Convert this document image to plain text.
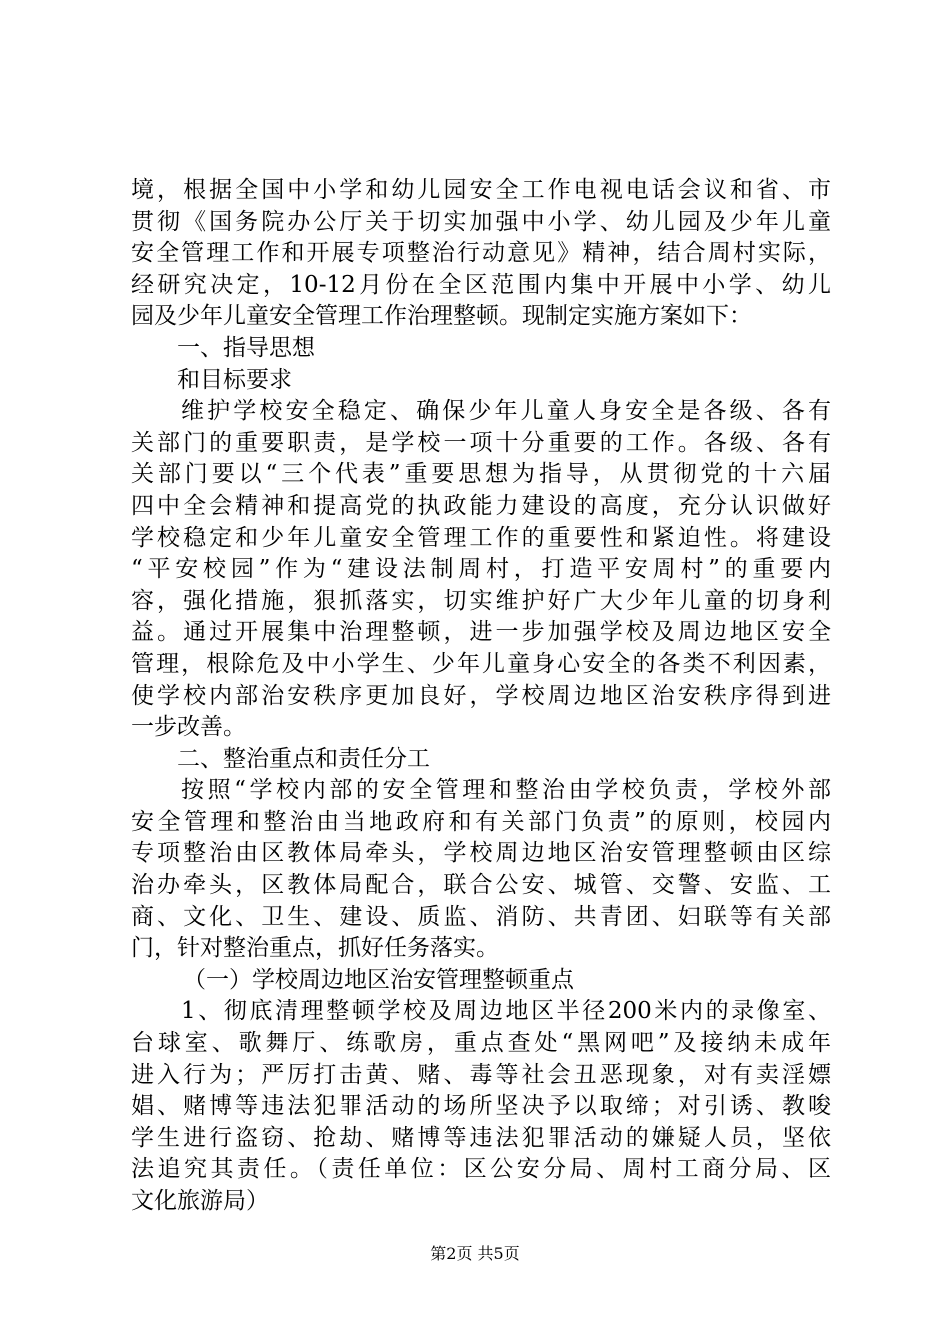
境，根据全国中小学和幼儿园安全工作电视电话会议和省、市
贯彻《国务院办公厅关于切实加强中小学、幼儿园及少年儿童
安全管理工作和开展专项整治行动意见》精神，结合周村实际，
经研究决定，10-12月份在全区范围内集中开展中小学、幼儿
园及少年儿童安全管理工作治理整顿。现制定实施方案如下：
一、指导思想
和目标要求
维护学校安全稳定、确保少年儿童人身安全是各级、各有
关部门的重要职责，是学校一项十分重要的工作。各级、各有
关部门要以“三个代表”重要思想为指导，从贯彻党的十六届
四中全会精神和提高党的执政能力建设的高度，充分认识做好
学校稳定和少年儿童安全管理工作的重要性和紧迫性。将建设
“平安校园”作为“建设法制周村，打造平安周村”的重要内
容，强化措施，狠抓落实，切实维护好广大少年儿童的切身利
益。通过开展集中治理整顿，进一步加强学校及周边地区安全
管理，根除危及中小学生、少年儿童身心安全的各类不利因素，
使学校内部治安秩序更加良好，学校周边地区治安秩序得到进
一步改善。
二、整治重点和责任分工
按照“学校内部的安全管理和整治由学校负责，学校外部
安全管理和整治由当地政府和有关部门负责”的原则，校园内
专项整治由区教体局牵头，学校周边地区治安管理整顿由区综
治办牵头，区教体局配合，联合公安、城管、交警、安监、工
商、文化、卫生、建设、质监、消防、共青团、妇联等有关部
门，针对整治重点，抓好任务落实。
（一）学校周边地区治安管理整顿重点
1、彻底清理整顿学校及周边地区半径200米内的录像室、
台球室、歌舞厅、练歌房，重点查处“黑网吧”及接纳未成年
进入行为；严厉打击黄、赌、毒等社会丑恶现象，对有卖淫嫖
娼、赌博等违法犯罪活动的场所坚决予以取缔；对引诱、教唆
学生进行盗窃、抢劫、赌博等违法犯罪活动的嫌疑人员，坚依
法追究其责任。（责任单位：区公安分局、周村工商分局、区
文化旅游局）
第2页 共5页
